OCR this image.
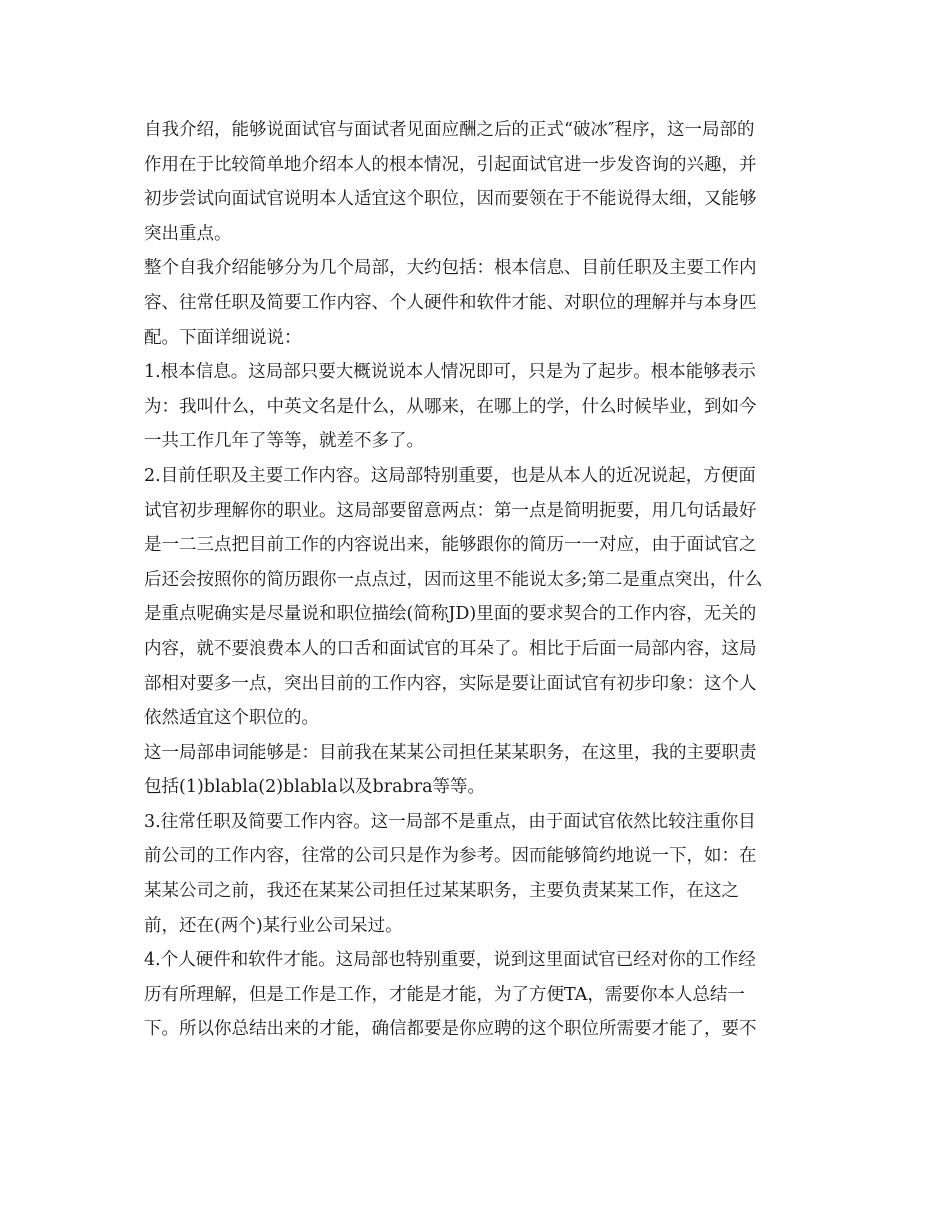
自我介绍，能够说面试官与面试者见面应酬之后的正式“破冰″程序，这一局部的
作用在于比较简单地介绍本人的根本情况，引起面试官进一步发咨询的兴趣，并
初步尝试向面试官说明本人适宜这个职位，因而要领在于不能说得太细，又能够
突出重点。
整个自我介绍能够分为几个局部，大约包括：根本信息、目前任职及主要工作内
容、往常任职及简要工作内容、个人硬件和软件才能、对职位的理解并与本身匹
配。下面详细说说：
1.根本信息。这局部只要大概说说本人情况即可，只是为了起步。根本能够表示
为：我叫什么，中英文名是什么，从哪来，在哪上的学，什么时候毕业，到如今
一共工作几年了等等，就差不多了。
2.目前任职及主要工作内容。这局部特别重要，也是从本人的近况说起，方便面
试官初步理解你的职业。这局部要留意两点：第一点是简明扼要，用几句话最好
是一二三点把目前工作的内容说出来，能够跟你的简历一一对应，由于面试官之
后还会按照你的简历跟你一点点过，因而这里不能说太多;第二是重点突出，什么
是重点呢确实是尽量说和职位描绘(简称JD)里面的要求契合的工作内容，无关的
内容，就不要浪费本人的口舌和面试官的耳朵了。相比于后面一局部内容，这局
部相对要多一点，突出目前的工作内容，实际是要让面试官有初步印象：这个人
依然适宜这个职位的。
这一局部串词能够是：目前我在某某公司担任某某职务，在这里，我的主要职责
包括(1)blabla(2)blabla以及brabra等等。
3.往常任职及简要工作内容。这一局部不是重点，由于面试官依然比较注重你目
前公司的工作内容，往常的公司只是作为参考。因而能够简约地说一下，如：在
某某公司之前，我还在某某公司担任过某某职务，主要负责某某工作，在这之
前，还在(两个)某行业公司呆过。
4.个人硬件和软件才能。这局部也特别重要，说到这里面试官已经对你的工作经
历有所理解，但是工作是工作，才能是才能，为了方便TA，需要你本人总结一
下。所以你总结出来的才能，确信都要是你应聘的这个职位所需要才能了，要不
